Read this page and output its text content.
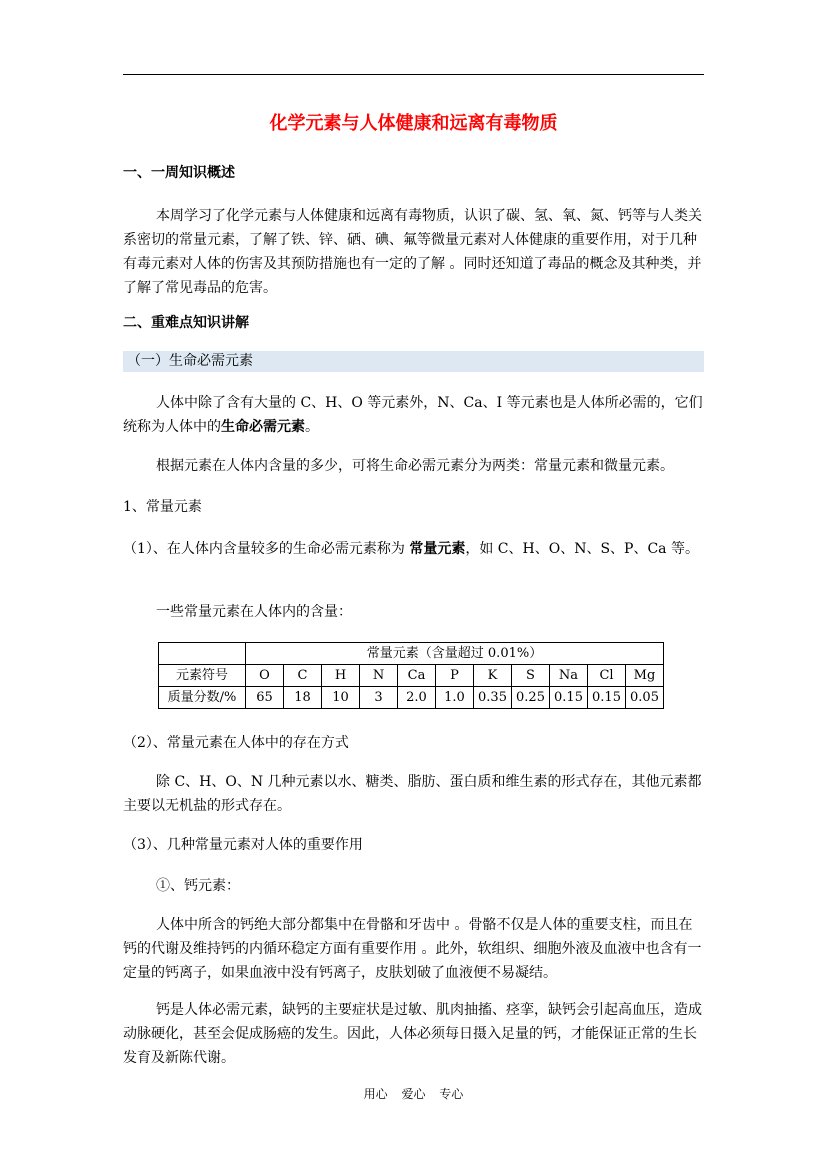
化学元素与人体健康和远离有毒物质
一、一周知识概述

本周学习了化学元素与人体健康和远离有毒物质，认识了碳、氢、氧、氮、钙等与人类关系密切的常量元素，了解了铁、锌、硒、碘、氟等微量元素对人体健康的重要作用，对于几种有毒元素对人体的伤害及其预防措施也有一定的了解 。同时还知道了毒品的概念及其种类，并了解了常见毒品的危害。

二、重难点知识讲解
（一）生命必需元素

人体中除了含有大量的 C、H、O 等元素外，N、Ca、I 等元素也是人体所必需的，它们统称为人体中的生命必需元素。

根据元素在人体内含量的多少，可将生命必需元素分为两类：常量元素和微量元素。

1、常量元素

（1）、在人体内含量较多的生命必需元素称为 常量元素，如 C、H、O、N、S、P、Ca 等。

一些常量元素在人体内的含量：
	常量元素（含量超过 0.01%）										
元素符号	O	C	H	N	Ca	P	K	S	Na	Cl	Mg
质量分数/%	65	18	10	3	2.0	1.0	0.35	0.25	0.15	0.15	0.05
（2）、常量元素在人体中的存在方式

除 C、H、O、N 几种元素以水、糖类、脂肪、蛋白质和维生素的形式存在，其他元素都主要以无机盐的形式存在。

（3）、几种常量元素对人体的重要作用
①、钙元素：

人体中所含的钙绝大部分都集中在骨骼和牙齿中 。骨骼不仅是人体的重要支柱，而且在钙的代谢及维持钙的内循环稳定方面有重要作用 。此外，软组织、细胞外液及血液中也含有一定量的钙离子，如果血液中没有钙离子，皮肤划破了血液便不易凝结。

钙是人体必需元素，缺钙的主要症状是过敏、肌肉抽搐、痉挛，缺钙会引起高血压，造成动脉硬化，甚至会促成肠癌的发生。因此，人体必须每日摄入足量的钙，才能保证正常的生长发育及新陈代谢。

用心 爱心 专心
